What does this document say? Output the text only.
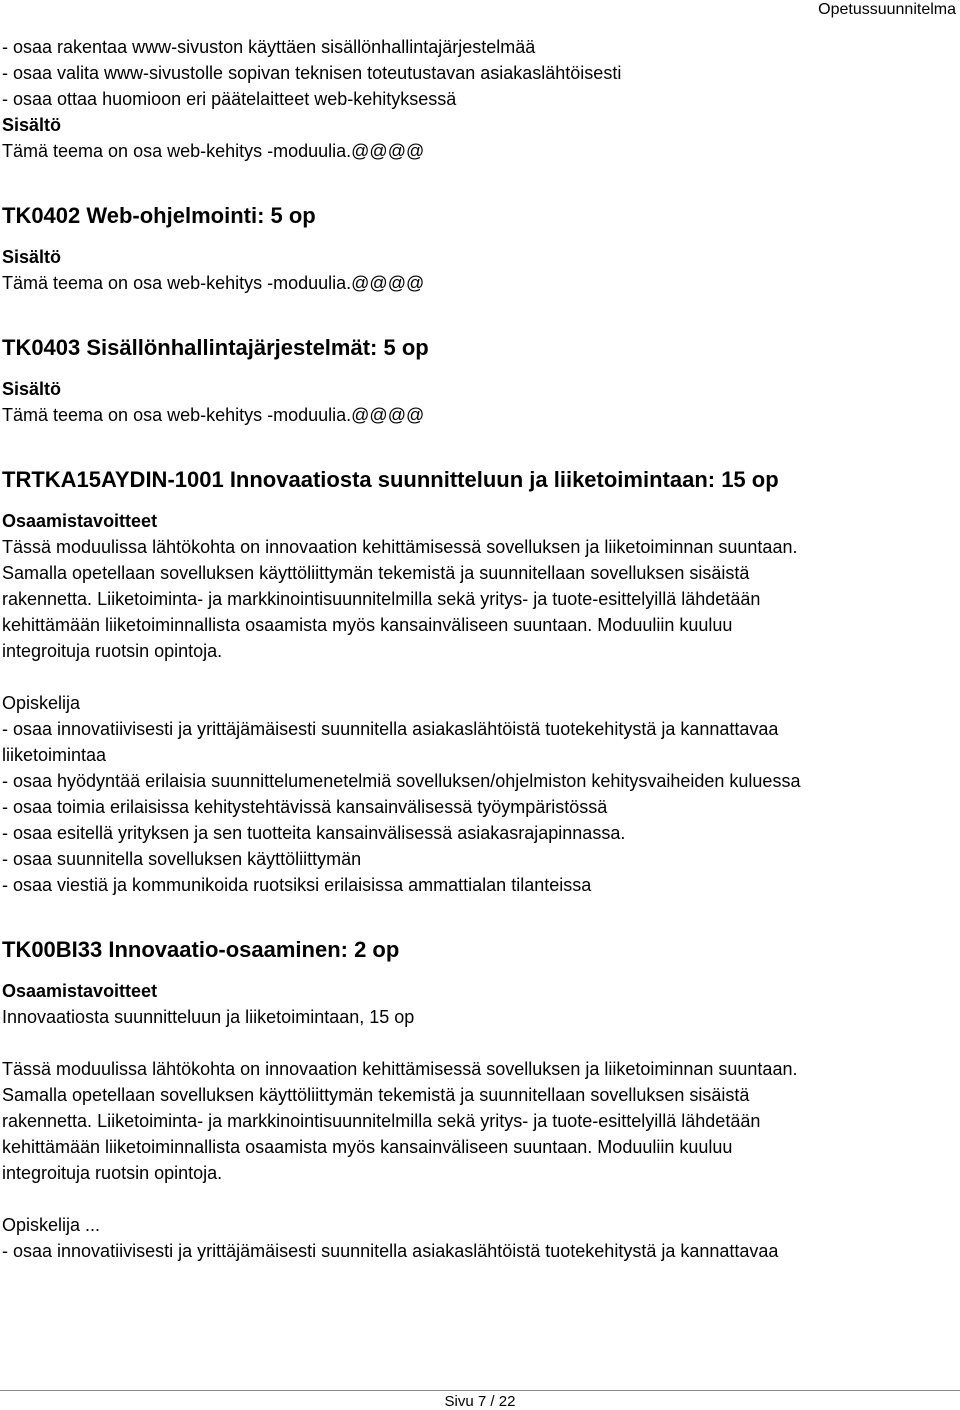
Opetussuunnitelma
- osaa rakentaa www-sivuston käyttäen sisällönhallintajärjestelmää
- osaa valita www-sivustolle sopivan teknisen toteutustavan asiakaslähtöisesti
- osaa ottaa huomioon eri päätelaitteet web-kehityksessä
Sisältö
Tämä teema on osa web-kehitys -moduulia.@@@@
TK0402 Web-ohjelmointi: 5 op
Sisältö
Tämä teema on osa web-kehitys -moduulia.@@@@
TK0403 Sisällönhallintajärjestelmät: 5 op
Sisältö
Tämä teema on osa web-kehitys -moduulia.@@@@
TRTKA15AYDIN-1001 Innovaatiosta suunnitteluun ja liiketoimintaan: 15 op
Osaamistavoitteet
Tässä moduulissa lähtökohta on innovaation kehittämisessä sovelluksen ja liiketoiminnan suuntaan.
Samalla opetellaan sovelluksen käyttöliittymän tekemistä ja suunnitellaan sovelluksen sisäistä
rakennetta. Liiketoiminta- ja markkinointisuunnitelmilla sekä yritys- ja tuote-esittelyillä lähdetään
kehittämään liiketoiminnallista osaamista myös kansainväliseen suuntaan. Moduuliin kuuluu
integroituja ruotsin opintoja.
Opiskelija
- osaa innovatiivisesti ja yrittäjämäisesti suunnitella asiakaslähtöistä tuotekehitystä ja kannattavaa
liiketoimintaa
- osaa hyödyntää erilaisia suunnittelumenetelmiä sovelluksen/ohjelmiston kehitysvaiheiden kuluessa
- osaa toimia erilaisissa kehitystehtävissä kansainvälisessä työympäristössä
- osaa esitellä yrityksen ja sen tuotteita kansainvälisessä asiakasrajapinnassa.
- osaa suunnitella sovelluksen käyttöliittymän
- osaa viestiä ja kommunikoida ruotsiksi erilaisissa ammattialan tilanteissa
TK00BI33 Innovaatio-osaaminen: 2 op
Osaamistavoitteet
Innovaatiosta suunnitteluun ja liiketoimintaan, 15 op
Tässä moduulissa lähtökohta on innovaation kehittämisessä sovelluksen ja liiketoiminnan suuntaan.
Samalla opetellaan sovelluksen käyttöliittymän tekemistä ja suunnitellaan sovelluksen sisäistä
rakennetta. Liiketoiminta- ja markkinointisuunnitelmilla sekä yritys- ja tuote-esittelyillä lähdetään
kehittämään liiketoiminnallista osaamista myös kansainväliseen suuntaan. Moduuliin kuuluu
integroituja ruotsin opintoja.
Opiskelija ...
- osaa innovatiivisesti ja yrittäjämäisesti suunnitella asiakaslähtöistä tuotekehitystä ja kannattavaa
Sivu 7 / 22
